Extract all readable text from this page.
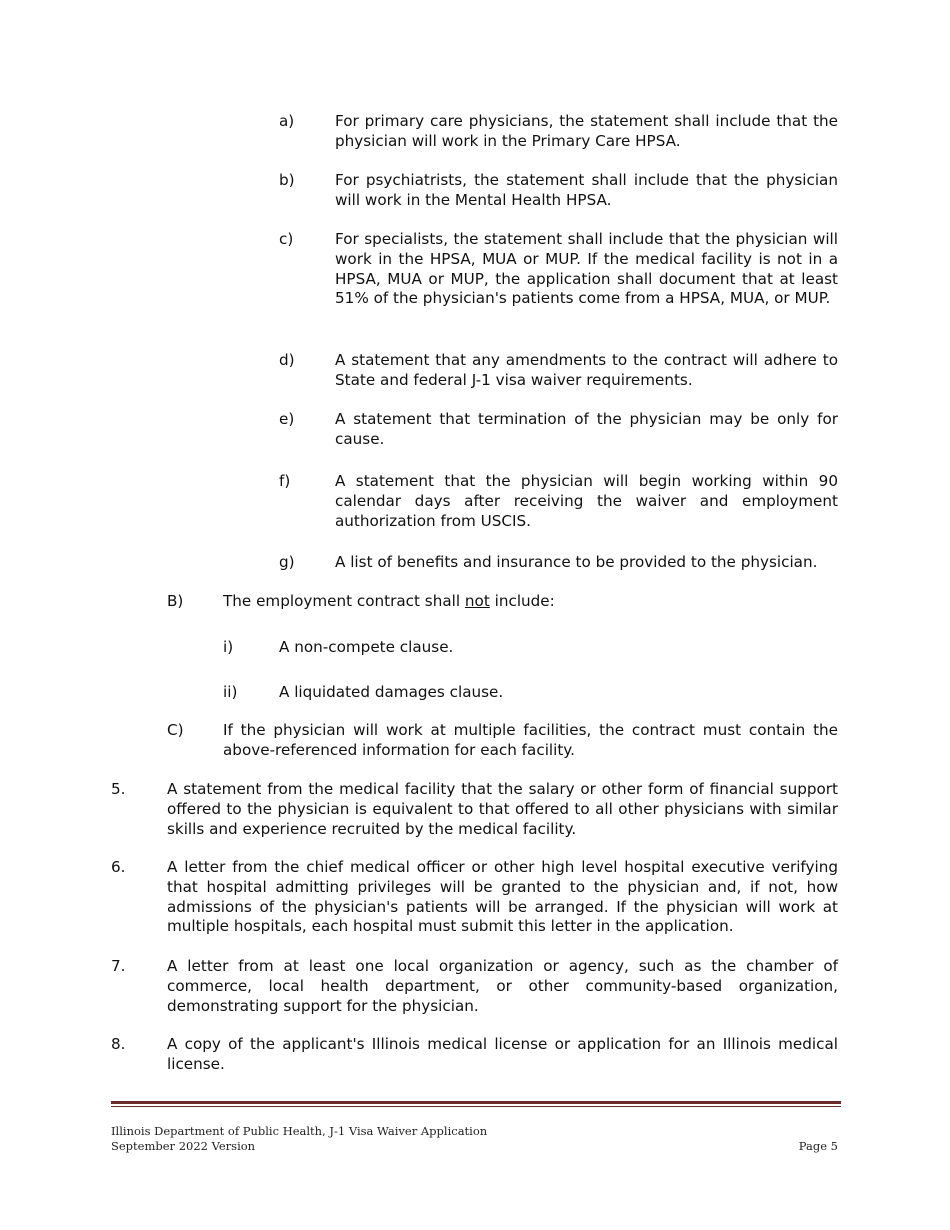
a)	For primary care physicians, the statement shall include that the physician will work in the Primary Care HPSA.
b)	For psychiatrists, the statement shall include that the physician will work in the Mental Health HPSA.
c)	For specialists, the statement shall include that the physician will work in the HPSA, MUA or MUP. If the medical facility is not in a HPSA, MUA or MUP, the application shall document that at least 51% of the physician's patients come from a HPSA, MUA, or MUP.
d)	A statement that any amendments to the contract will adhere to State and federal J-1 visa waiver requirements.
e)	A statement that termination of the physician may be only for cause.
f)	A statement that the physician will begin working within 90 calendar days after receiving the waiver and employment authorization from USCIS.
g)	A list of benefits and insurance to be provided to the physician.
B)	The employment contract shall not include:
i)	A non-compete clause.
ii)	A liquidated damages clause.
C)	If the physician will work at multiple facilities, the contract must contain the above-referenced information for each facility.
5.	A statement from the medical facility that the salary or other form of financial support offered to the physician is equivalent to that offered to all other physicians with similar skills and experience recruited by the medical facility.
6.	A letter from the chief medical officer or other high level hospital executive verifying that hospital admitting privileges will be granted to the physician and, if not, how admissions of the physician's patients will be arranged. If the physician will work at multiple hospitals, each hospital must submit this letter in the application.
7.	A letter from at least one local organization or agency, such as the chamber of commerce, local health department, or other community-based organization, demonstrating support for the physician.
8.	A copy of the applicant's Illinois medical license or application for an Illinois medical license.
Illinois Department of Public Health, J-1 Visa Waiver Application
September 2022 Version	Page 5
